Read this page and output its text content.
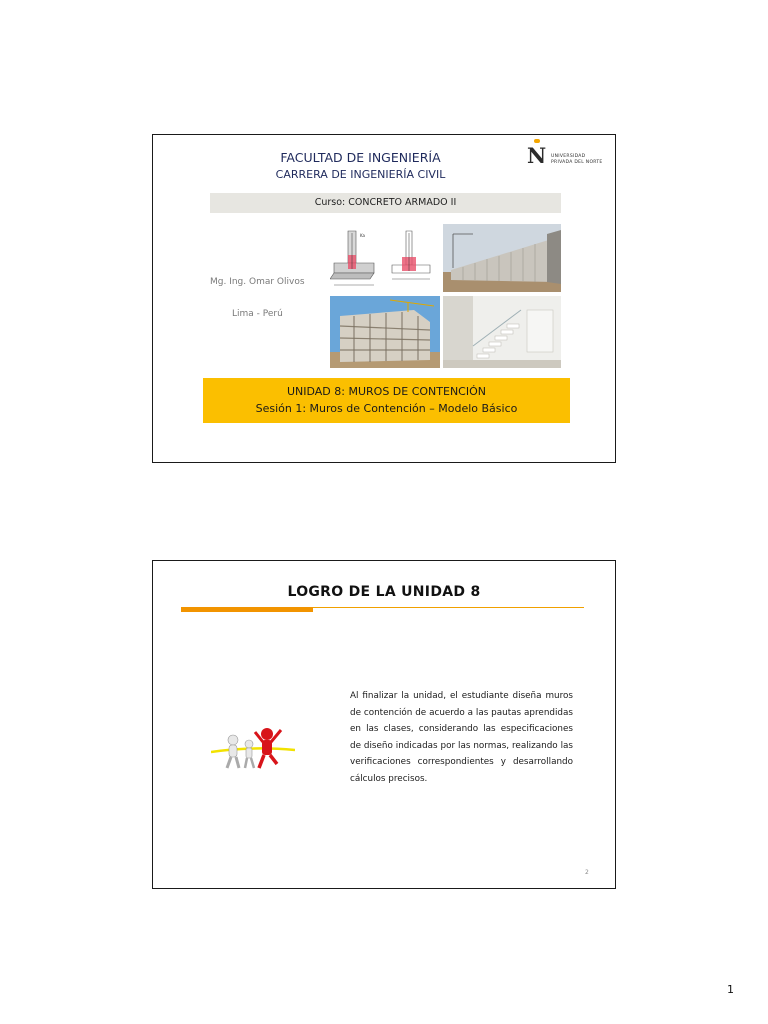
FACULTAD DE INGENIERÍA
CARRERA DE INGENIERÍA CIVIL
N UNIVERSIDAD
PRIVADA DEL NORTE
Curso: CONCRETO ARMADO II
Mg. Ing. Omar Olivos
Lima - Perú
Ka
UNIDAD 8: MUROS DE CONTENCIÓN
Sesión 1: Muros de Contención – Modelo Básico
LOGRO DE LA UNIDAD 8
Al finalizar la unidad, el estudiante diseña muros de contención de acuerdo a las pautas aprendidas en las clases, considerando las especificaciones de diseño indicadas por las normas, realizando las verificaciones correspondientes y desarrollando cálculos precisos.
2
1
